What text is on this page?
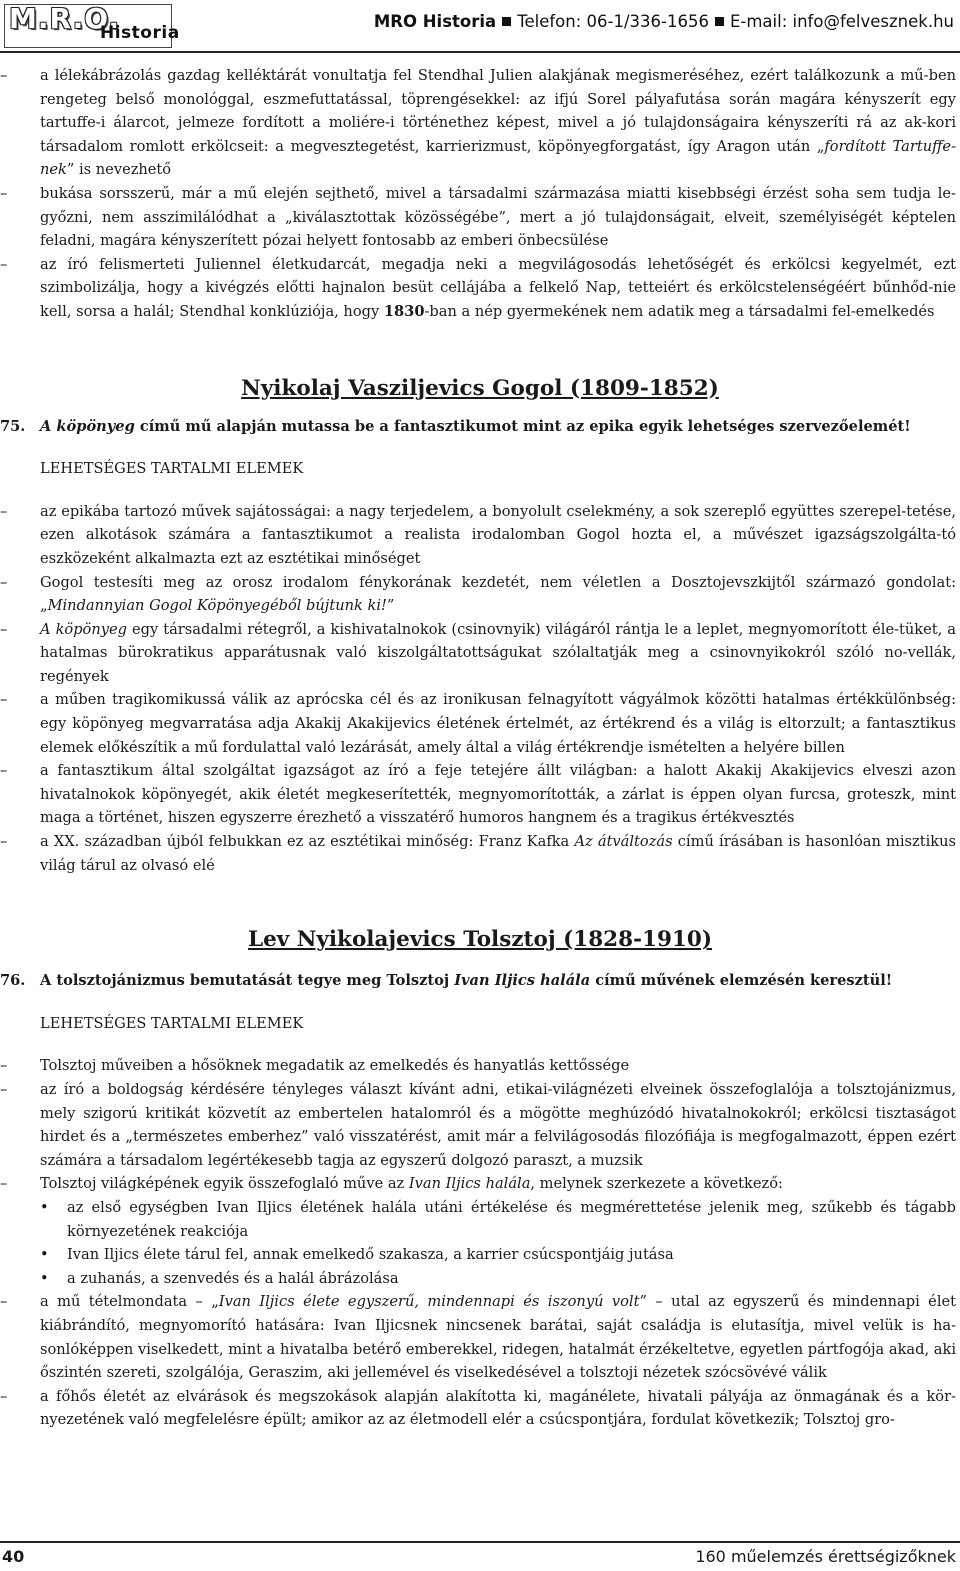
M.R.O.
Historia
MRO Historia Telefon: 06-1/336-1656 E-mail: info@felvesznek.hu
– a lélekábrázolás gazdag kelléktárát vonultatja fel Stendhal Julien alakjának megismeréséhez, ezért találkozunk a mű-ben rengeteg belső monológgal, eszmefuttatással, töprengésekkel: az ifjú Sorel pályafutása során magára kényszerít egy tartuffe-i álarcot, jelmeze fordított a moliére-i történethez képest, mivel a jó tulajdonságaira kényszeríti rá az ak-kori társadalom romlott erkölcseit: a megvesztegetést, karrierizmust, köpönyegforgatást, így Aragon után „fordított Tartuffe-nek” is nevezhető
– bukása sorsszerű, már a mű elején sejthető, mivel a társadalmi származása miatti kisebbségi érzést soha sem tudja le-győzni, nem asszimilálódhat a „kiválasztottak közösségébe”, mert a jó tulajdonságait, elveit, személyiségét képtelen feladni, magára kényszerített pózai helyett fontosabb az emberi önbecsülése
– az író felismerteti Juliennel életkudarcát, megadja neki a megvilágosodás lehetőségét és erkölcsi kegyelmét, ezt szimbolizálja, hogy a kivégzés előtti hajnalon besüt cellájába a felkelő Nap, tetteiért és erkölcstelenségéért bűnhőd-nie kell, sorsa a halál; Stendhal konklúziója, hogy 1830-ban a nép gyermekének nem adatik meg a társadalmi fel-emelkedés
Nyikolaj Vasziljevics Gogol (1809-1852)
75. A köpönyeg című mű alapján mutassa be a fantasztikumot mint az epika egyik lehetséges szervezőelemét!
LEHETSÉGES TARTALMI ELEMEK
– az epikába tartozó művek sajátosságai: a nagy terjedelem, a bonyolult cselekmény, a sok szereplő együttes szerepel-tetése, ezen alkotások számára a fantasztikumot a realista irodalomban Gogol hozta el, a művészet igazságszolgálta-tó eszközeként alkalmazta ezt az esztétikai minőséget
– Gogol testesíti meg az orosz irodalom fénykorának kezdetét, nem véletlen a Dosztojevszkijtől származó gondolat: „Mindannyian Gogol Köpönyegéből bújtunk ki!”
– A köpönyeg egy társadalmi rétegről, a kishivatalnokok (csinovnyik) világáról rántja le a leplet, megnyomorított éle-tüket, a hatalmas bürokratikus apparátusnak való kiszolgáltatottságukat szólaltatják meg a csinovnyikokról szóló no-vellák, regények
– a műben tragikomikussá válik az aprócska cél és az ironikusan felnagyított vágyálmok közötti hatalmas értékkülönbség: egy köpönyeg megvarratása adja Akakij Akakijevics életének értelmét, az értékrend és a világ is eltorzult; a fantasztikus elemek előkészítik a mű fordulattal való lezárását, amely által a világ értékrendje ismételten a helyére billen
– a fantasztikum által szolgáltat igazságot az író a feje tetejére állt világban: a halott Akakij Akakijevics elveszi azon hivatalnokok köpönyegét, akik életét megkeserítették, megnyomorították, a zárlat is éppen olyan furcsa, groteszk, mint maga a történet, hiszen egyszerre érezhető a visszatérő humoros hangnem és a tragikus értékvesztés
– a XX. században újból felbukkan ez az esztétikai minőség: Franz Kafka Az átváltozás című írásában is hasonlóan misztikus világ tárul az olvasó elé
Lev Nyikolajevics Tolsztoj (1828-1910)
76. A tolsztojánizmus bemutatását tegye meg Tolsztoj Ivan Iljics halála című művének elemzésén keresztül!
LEHETSÉGES TARTALMI ELEMEK
– Tolsztoj műveiben a hősöknek megadatik az emelkedés és hanyatlás kettőssége
– az író a boldogság kérdésére tényleges választ kívánt adni, etikai-világnézeti elveinek összefoglalója a tolsztojánizmus, mely szigorú kritikát közvetít az embertelen hatalomról és a mögötte meghúzódó hivatalnokokról; erkölcsi tisztaságot hirdet és a „természetes emberhez” való visszatérést, amit már a felvilágosodás filozófiája is megfogalmazott, éppen ezért számára a társadalom legértékesebb tagja az egyszerű dolgozó paraszt, a muzsik
– Tolsztoj világképének egyik összefoglaló műve az Ivan Iljics halála, melynek szerkezete a következő:
• az első egységben Ivan Iljics életének halála utáni értékelése és megmérettetése jelenik meg, szűkebb és tágabb környezetének reakciója
• Ivan Iljics élete tárul fel, annak emelkedő szakasza, a karrier csúcspontjáig jutása
• a zuhanás, a szenvedés és a halál ábrázolása
– a mű tételmondata – „Ivan Iljics élete egyszerű, mindennapi és iszonyú volt” – utal az egyszerű és mindennapi élet kiábrándító, megnyomorító hatására: Ivan Iljicsnek nincsenek barátai, saját családja is elutasítja, mivel velük is ha-sonlóképpen viselkedett, mint a hivatalba betérő emberekkel, ridegen, hatalmát érzékeltetve, egyetlen pártfogója akad, aki őszintén szereti, szolgálója, Geraszim, aki jellemével és viselkedésével a tolsztoji nézetek szócsövévé válik
– a főhős életét az elvárások és megszokások alapján alakította ki, magánélete, hivatali pályája az önmagának és a kör-nyezetének való megfelelésre épült; amikor az az életmodell elér a csúcspontjára, fordulat következik; Tolsztoj gro-
40	160 műelemzés érettségizőknek
